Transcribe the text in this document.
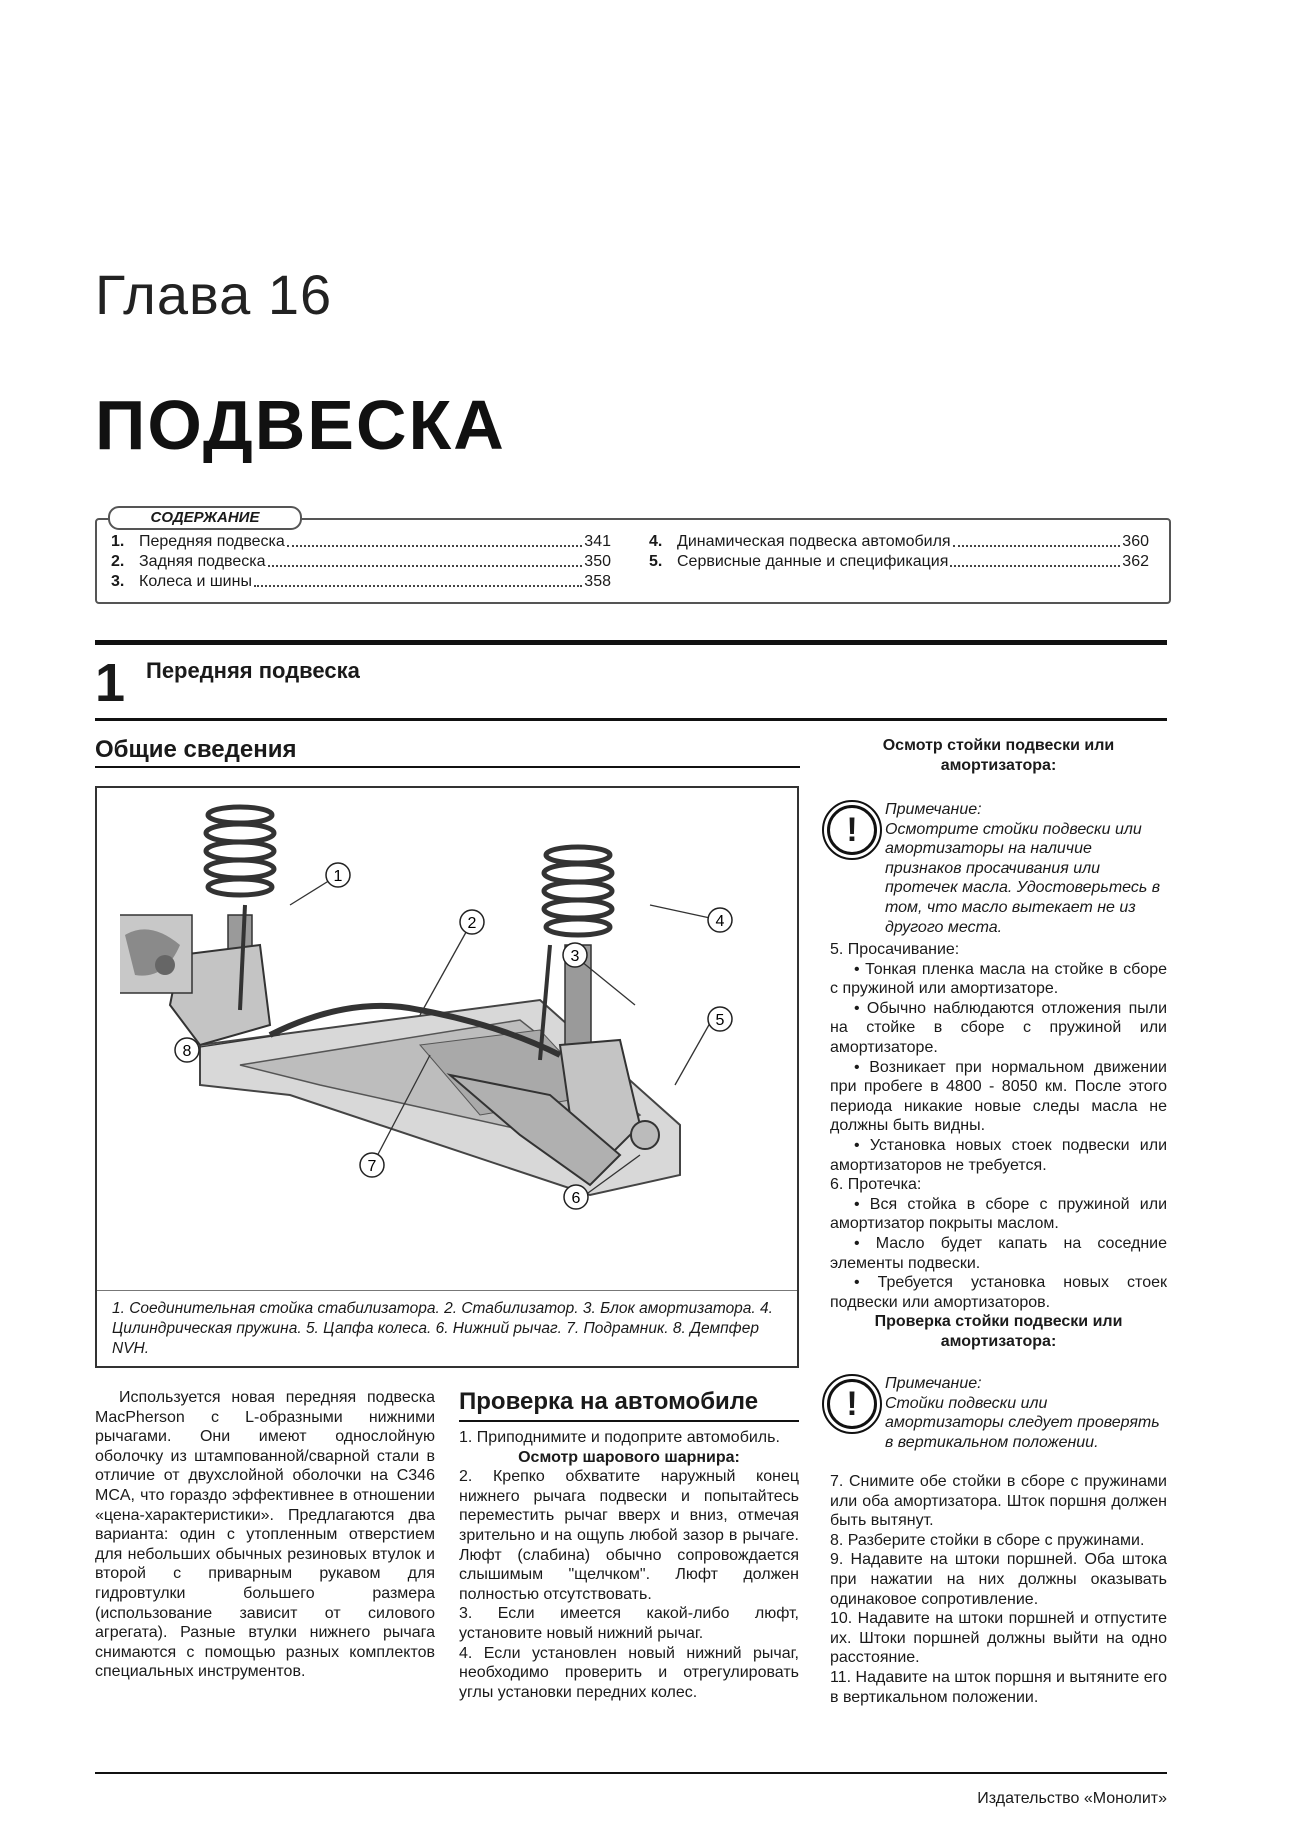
Глава 16
ПОДВЕСКА
1. Передняя подвеска	341
2. Задняя подвеска	350
3. Колеса и шины	358
4. Динамическая подвеска автомобиля	360
5. Сервисные данные и спецификация	362
СОДЕРЖАНИЕ
1 Передняя подвеска
Общие сведения
1
2
3
4
5
6
7
8
1. Соединительная стойка стабилизатора. 2. Стабилизатор. 3. Блок амортизатора. 4. Цилиндрическая пружина. 5. Цапфа колеса. 6. Нижний рычаг. 7. Подрамник. 8. Демпфер NVH.

Используется новая передняя подвеска MacPherson с L-образными нижними рычагами. Они имеют однослойную оболочку из штампованной/сварной стали в отличие от двухслойной оболочки на C346 MCA, что гораздо эффективнее в отношении «цена-характеристики». Предлагаются два варианта: один с утопленным отверстием для небольших обычных резиновых втулок и второй с приварным рукавом для гидровтулки большего размера (использование зависит от силового агрегата). Разные втулки нижнего рычага снимаются с помощью разных комплектов специальных инструментов.

Проверка на автомобиле

1. Приподнимите и подоприте автомобиль.

Осмотр шарового шарнира:

2. Крепко обхватите наружный конец нижнего рычага подвески и попытайтесь переместить рычаг вверх и вниз, отмечая зрительно и на ощупь любой зазор в рычаге. Люфт (слабина) обычно сопровождается слышимым "щелчком". Люфт должен полностью отсутствовать.

3. Если имеется какой-либо люфт, установите новый нижний рычаг.

4. Если установлен новый нижний рычаг, необходимо проверить и отрегулировать углы установки передних колес.

Осмотр стойки подвески или амортизатора:

!
Примечание:
Осмотрите стойки подвески или амортизаторы на наличие признаков просачивания или протечек масла. Удостоверьтесь в том, что масло вытекает не из другого места.

5. Просачивание:

• Тонкая пленка масла на стойке в сборе с пружиной или амортизаторе.

• Обычно наблюдаются отложения пыли на стойке в сборе с пружиной или амортизаторе.

• Возникает при нормальном движении при пробеге в 4800 - 8050 км. После этого периода никакие новые следы масла не должны быть видны.

• Установка новых стоек подвески или амортизаторов не требуется.

6. Протечка:

• Вся стойка в сборе с пружиной или амортизатор покрыты маслом.

• Масло будет капать на соседние элементы подвески.

• Требуется установка новых стоек подвески или амортизаторов.

Проверка стойки подвески или амортизатора:

!
Примечание:
Стойки подвески или амортизаторы следует проверять в вертикальном положении.

7. Снимите обе стойки в сборе с пружинами или оба амортизатора. Шток поршня должен быть вытянут.

8. Разберите стойки в сборе с пружинами.

9. Надавите на штоки поршней. Оба штока при нажатии на них должны оказывать одинаковое сопротивление.

10. Надавите на штоки поршней и отпустите их. Штоки поршней должны выйти на одно расстояние.

11. Надавите на шток поршня и вытяните его в вертикальном положении.

Издательство «Монолит»
